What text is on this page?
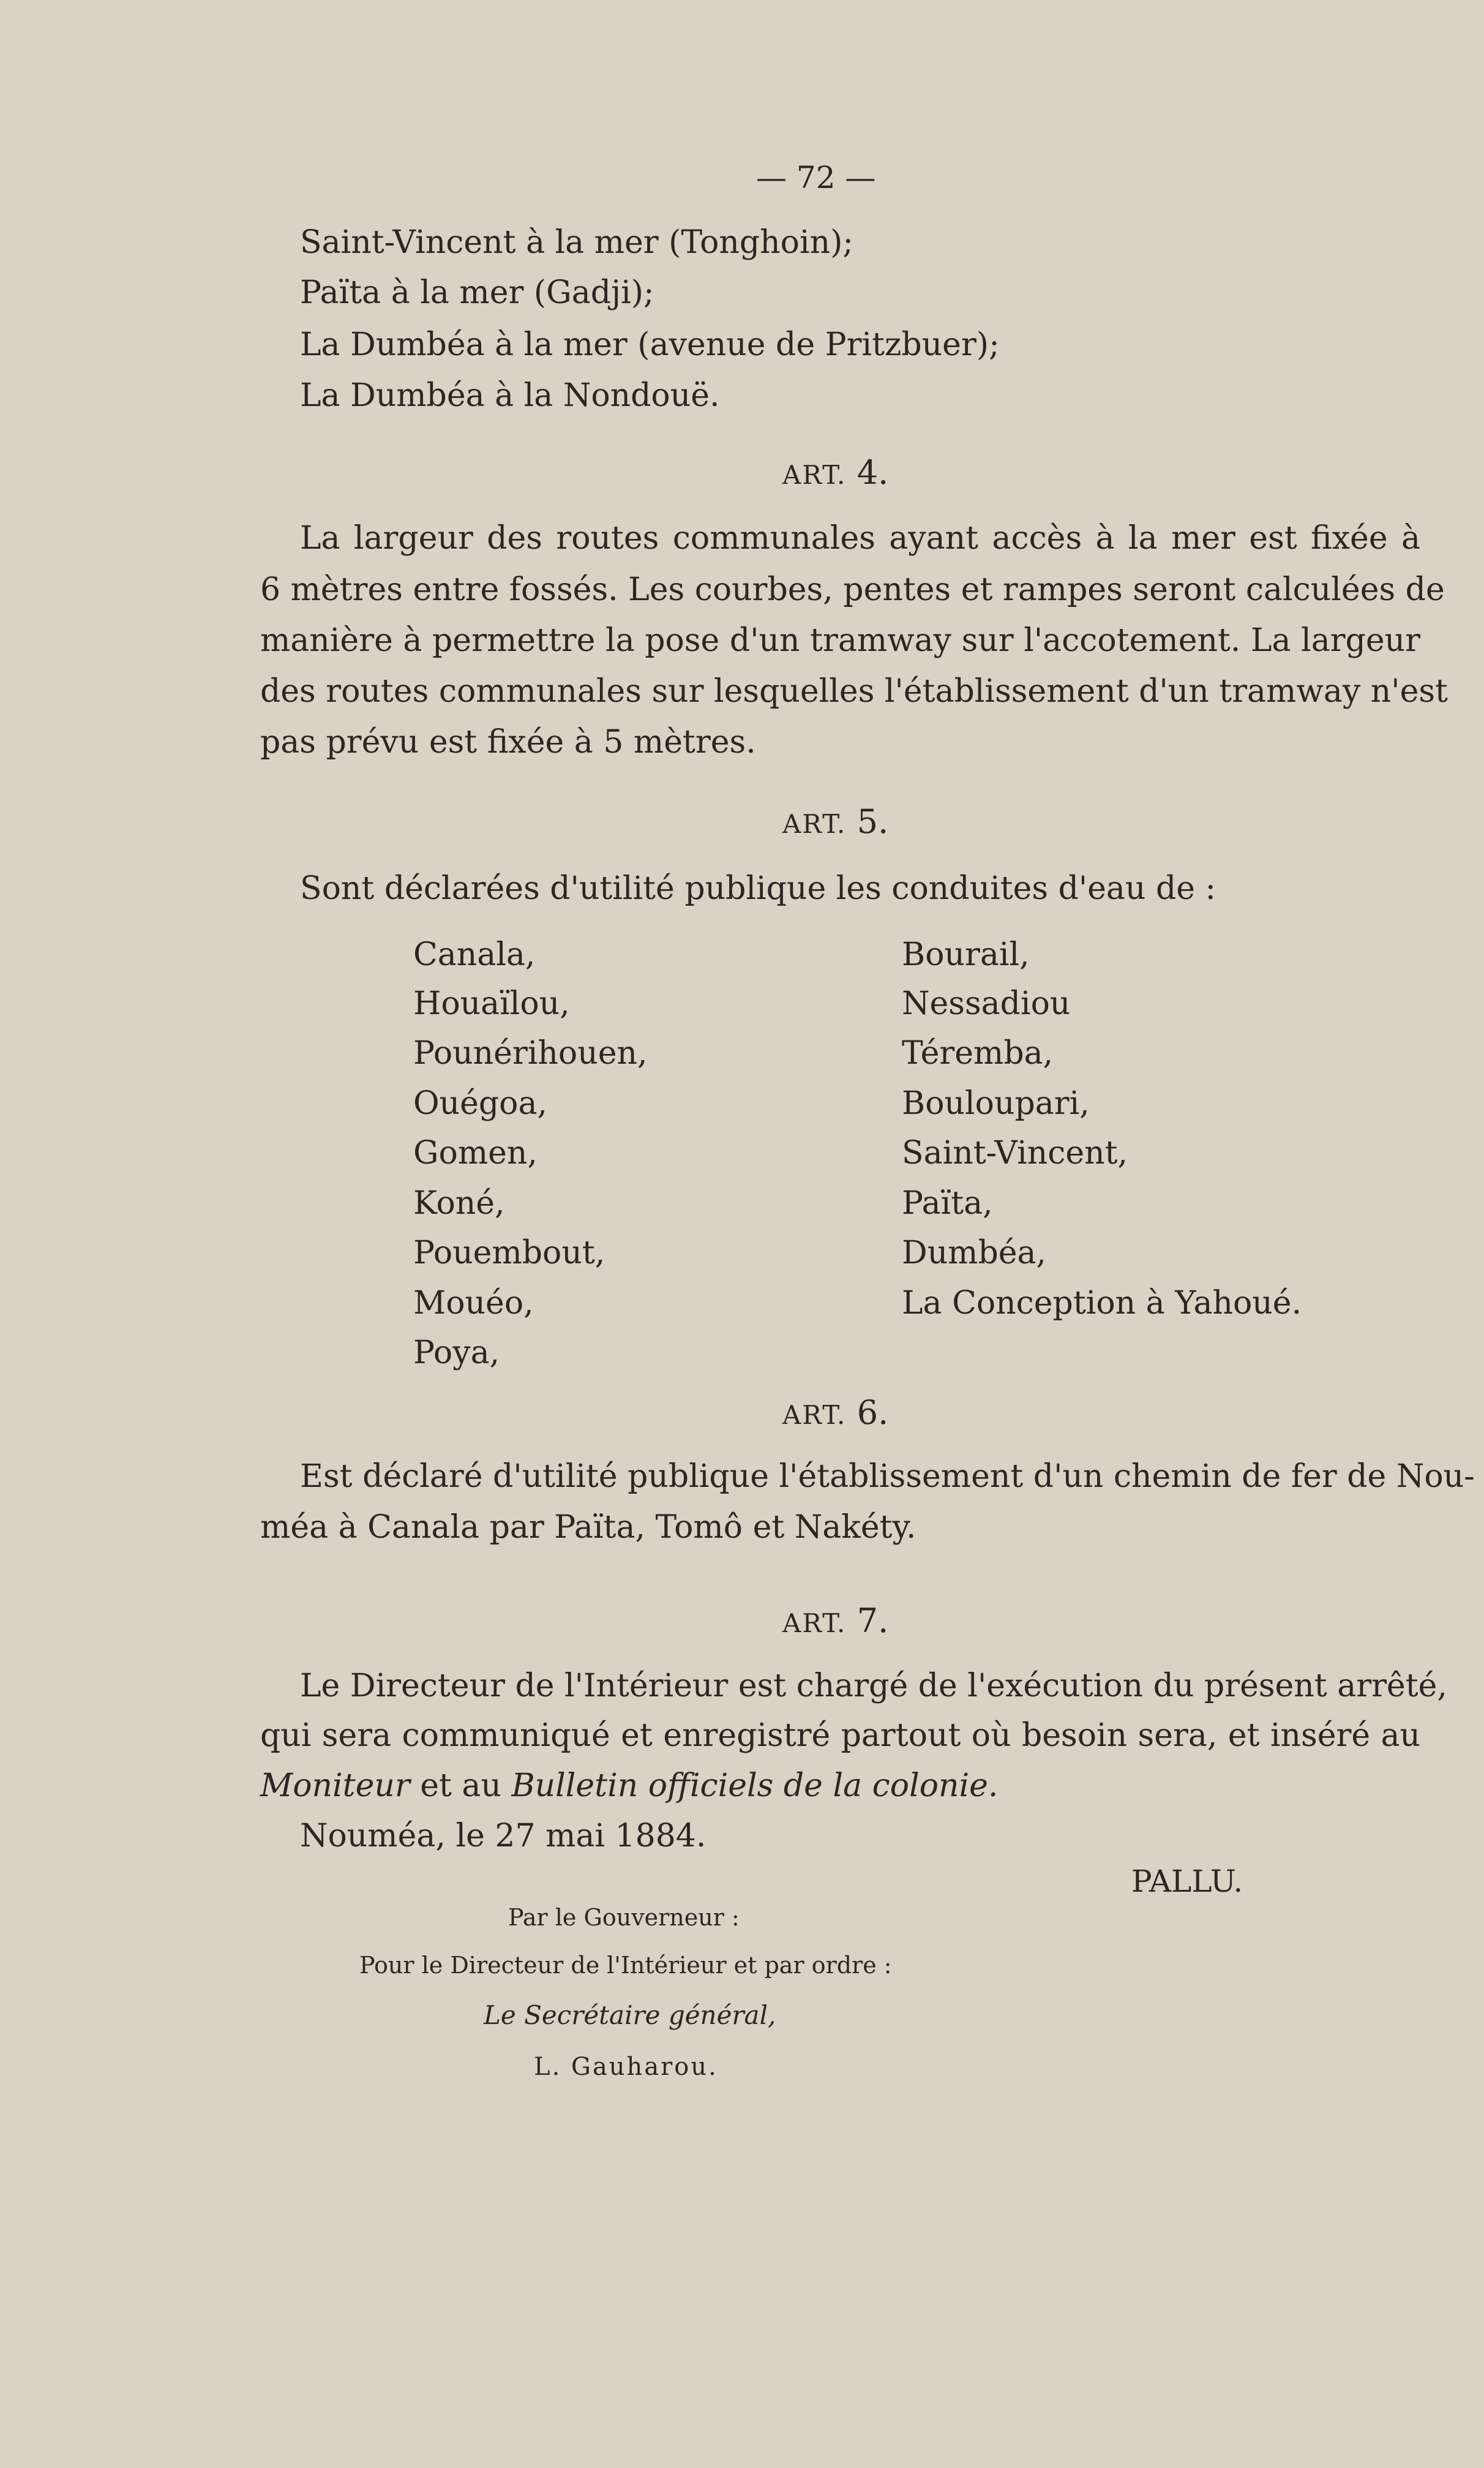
— 72 —
Saint-Vincent à la mer (Tonghoin);
Païta à la mer (Gadji);
La Dumbéa à la mer (avenue de Pritzbuer);
La Dumbéa à la Nondouë.
ART. 4.
La largeur des routes communales ayant accès à la mer est fixée à
6 mètres entre fossés. Les courbes, pentes et rampes seront calculées de
manière à permettre la pose d'un tramway sur l'accotement. La largeur
des routes communales sur lesquelles l'établissement d'un tramway n'est
pas prévu est fixée à 5 mètres.
ART. 5.
Sont déclarées d'utilité publique les conduites d'eau de :
Canala,
Houaïlou,
Pounérihouen,
Ouégoa,
Gomen,
Koné,
Pouembout,
Mouéo,
Poya,
Bourail,
Nessadiou
Téremba,
Bouloupari,
Saint-Vincent,
Païta,
Dumbéa,
La Conception à Yahoué.
ART. 6.
Est déclaré d'utilité publique l'établissement d'un chemin de fer de Nou-
méa à Canala par Païta, Tomô et Nakéty.
ART. 7.
Le Directeur de l'Intérieur est chargé de l'exécution du présent arrêté,
qui sera communiqué et enregistré partout où besoin sera, et inséré au
Moniteur et au Bulletin officiels de la colonie.
Nouméa, le 27 mai 1884.
PALLU.
Par le Gouverneur :
Pour le Directeur de l'Intérieur et par ordre :
Le Secrétaire général,
L. Gauharou.
